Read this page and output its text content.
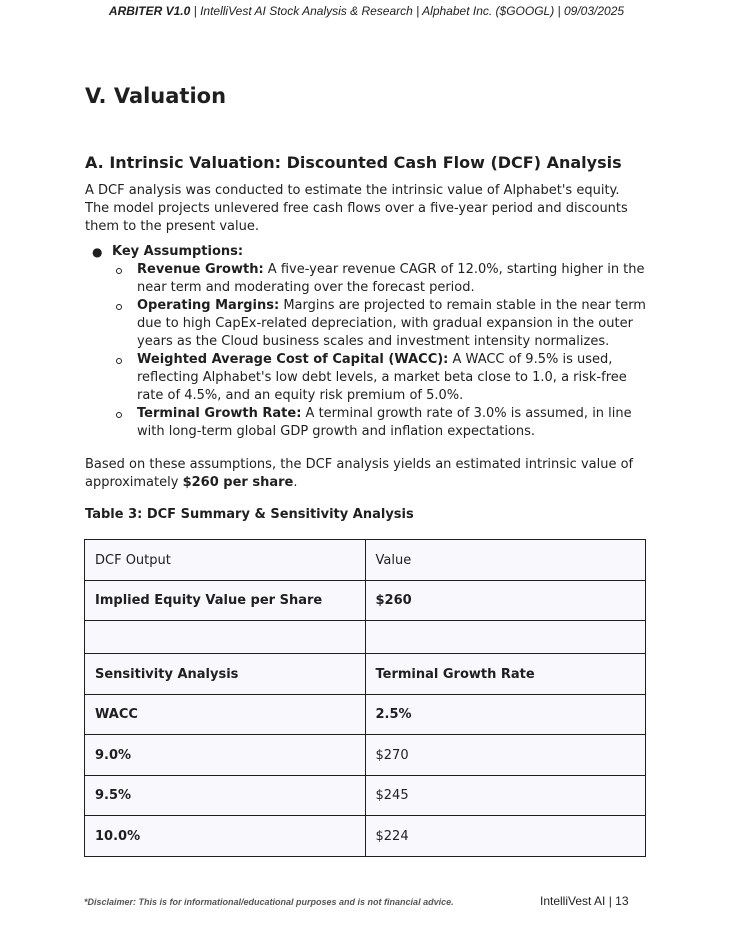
ARBITER V1.0 | IntelliVest AI Stock Analysis & Research | Alphabet Inc. ($GOOGL) | 09/03/2025
V. Valuation
A. Intrinsic Valuation: Discounted Cash Flow (DCF) Analysis

A DCF analysis was conducted to estimate the intrinsic value of Alphabet's equity. The model projects unlevered free cash flows over a five-year period and discounts them to the present value.

● Key Assumptions:
Revenue Growth: A five-year revenue CAGR of 12.0%, starting higher in the near term and moderating over the forecast period.
Operating Margins: Margins are projected to remain stable in the near term due to high CapEx-related depreciation, with gradual expansion in the outer years as the Cloud business scales and investment intensity normalizes.
Weighted Average Cost of Capital (WACC): A WACC of 9.5% is used, reflecting Alphabet's low debt levels, a market beta close to 1.0, a risk-free rate of 4.5%, and an equity risk premium of 5.0%.
Terminal Growth Rate: A terminal growth rate of 3.0% is assumed, in line with long-term global GDP growth and inflation expectations.

Based on these assumptions, the DCF analysis yields an estimated intrinsic value of approximately $260 per share.

Table 3: DCF Summary & Sensitivity Analysis
DCF Output	Value
Implied Equity Value per Share	$260

Sensitivity Analysis	Terminal Growth Rate
WACC	2.5%
9.0%	$270
9.5%	$245
10.0%	$224
*Disclaimer: This is for informational/educational purposes and is not financial advice.	IntelliVest AI | 13
